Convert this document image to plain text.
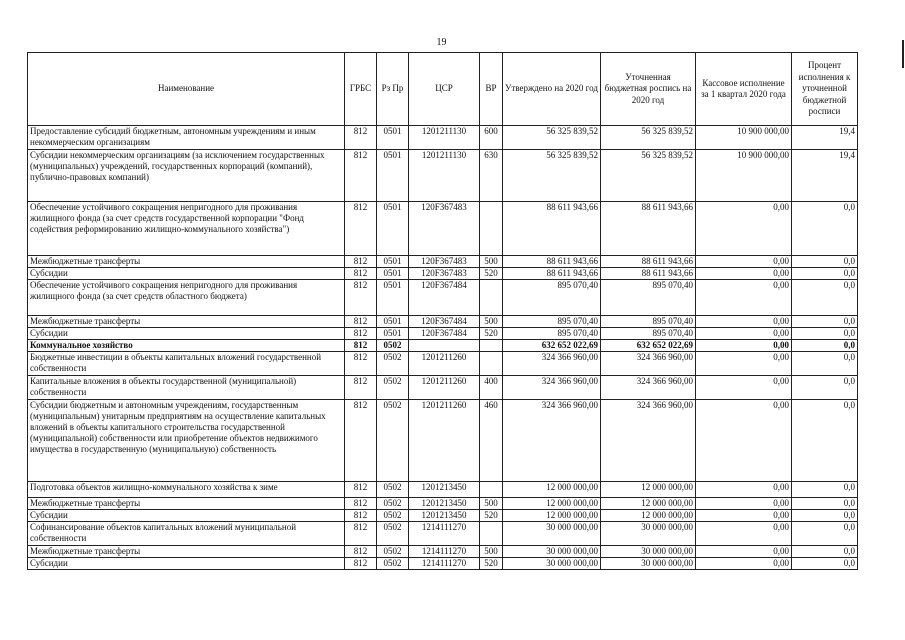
19
Наименование	ГРБС	Рз Пр	ЦСР	ВР	Утверждено на 2020 год	Уточненная бюджетная роспись на 2020 год	Кассовое исполнение за 1 квартал 2020 года	Процент исполнения к уточненной бюджетной росписи
Предоставление субсидий бюджетным, автономным учреждениям и иным некоммерческим организациям	812	0501	1201211130	600	56 325 839,52	56 325 839,52	10 900 000,00	19,4
Субсидии некоммерческим организациям (за исключением государственных (муниципальных) учреждений, государственных корпораций (компаний), публично-правовых компаний)	812	0501	1201211130	630	56 325 839,52	56 325 839,52	10 900 000,00	19,4
Обеспечение устойчивого сокращения непригодного для проживания жилищного фонда (за счет средств государственной корпорации "Фонд содействия реформированию жилищно-коммунального хозяйства")	812	0501	120F367483		88 611 943,66	88 611 943,66	0,00	0,0
Межбюджетные трансферты	812	0501	120F367483	500	88 611 943,66	88 611 943,66	0,00	0,0
Субсидии	812	0501	120F367483	520	88 611 943,66	88 611 943,66	0,00	0,0
Обеспечение устойчивого сокращения непригодного для проживания жилищного фонда (за счет средств областного бюджета)	812	0501	120F367484		895 070,40	895 070,40	0,00	0,0
Межбюджетные трансферты	812	0501	120F367484	500	895 070,40	895 070,40	0,00	0,0
Субсидии	812	0501	120F367484	520	895 070,40	895 070,40	0,00	0,0
Коммунальное хозяйство	812	0502			632 652 022,69	632 652 022,69	0,00	0,0
Бюджетные инвестиции в объекты капитальных вложений государственной собственности	812	0502	1201211260		324 366 960,00	324 366 960,00	0,00	0,0
Капитальные вложения в объекты государственной (муниципальной) собственности	812	0502	1201211260	400	324 366 960,00	324 366 960,00	0,00	0,0
Субсидии бюджетным и автономным учреждениям, государственным (муниципальным) унитарным предприятиям на осуществление капитальных вложений в объекты капитального строительства государственной (муниципальной) собственности или приобретение объектов недвижимого имущества в государственную (муниципальную) собственность	812	0502	1201211260	460	324 366 960,00	324 366 960,00	0,00	0,0
Подготовка объектов жилищно-коммунального хозяйства к зиме	812	0502	1201213450		12 000 000,00	12 000 000,00	0,00	0,0
Межбюджетные трансферты	812	0502	1201213450	500	12 000 000,00	12 000 000,00	0,00	0,0
Субсидии	812	0502	1201213450	520	12 000 000,00	12 000 000,00	0,00	0,0
Софинансирование объектов капитальных вложений муниципальной собственности	812	0502	1214111270		30 000 000,00	30 000 000,00	0,00	0,0
Межбюджетные трансферты	812	0502	1214111270	500	30 000 000,00	30 000 000,00	0,00	0,0
Субсидии	812	0502	1214111270	520	30 000 000,00	30 000 000,00	0,00	0,0
